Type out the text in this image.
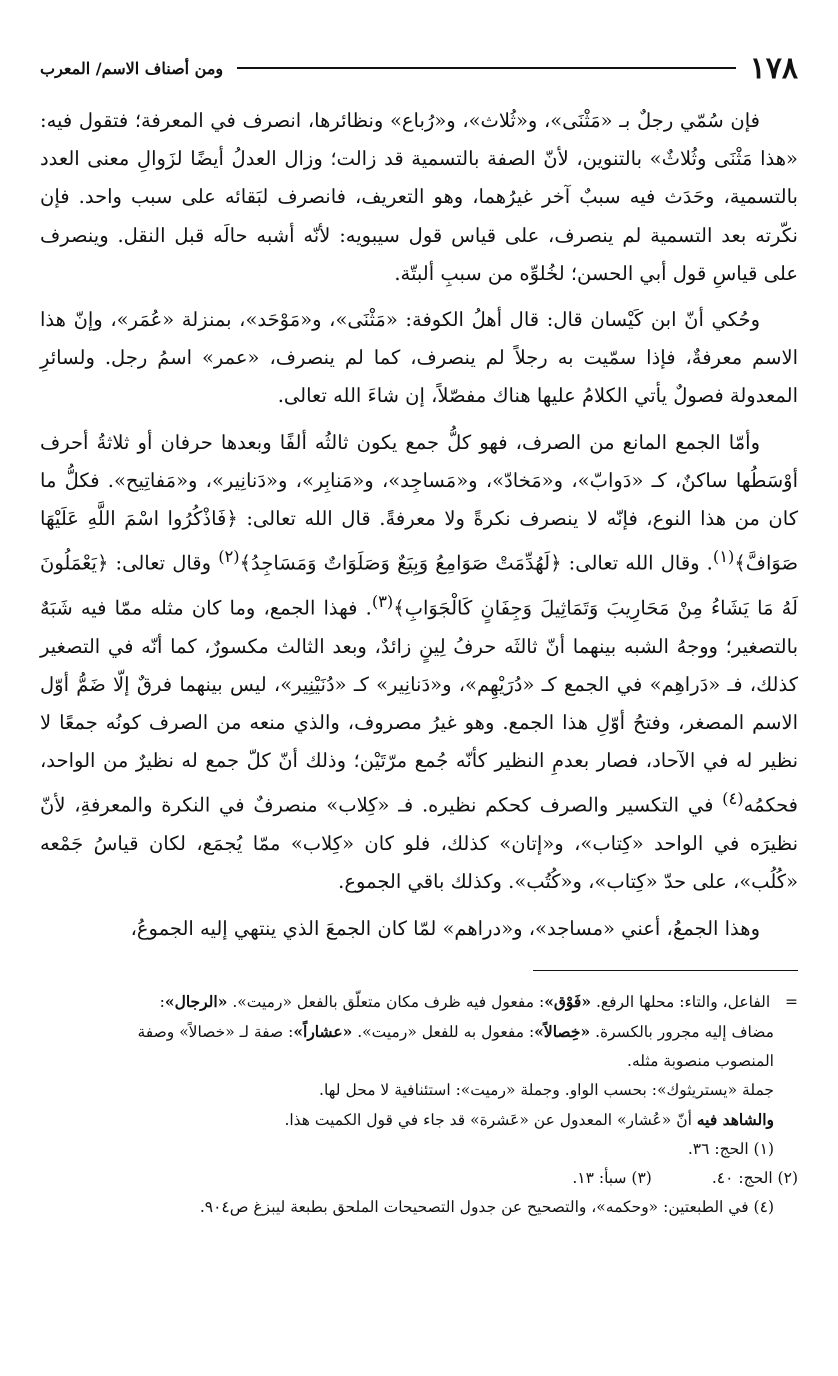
١٧٨
ومن أصناف الاسم/ المعرب

فإن سُمّي رجلٌ بـ «مَثْنَى»، و«ثُلاث»، و«رُباع» ونظائرها، انصرف في المعرفة؛ فتقول فيه: «هذا مَثْنَى وثُلاثٌ» بالتنوين، لأنّ الصفة بالتسمية قد زالت؛ وزال العدلُ أيضًا لزَوالِ معنى العدد بالتسمية، وحَدَث فيه سببٌ آخر غيرُهما، وهو التعريف، فانصرف لبَقائه على سبب واحد. فإن نكّرته بعد التسمية لم ينصرف، على قياس قول سيبويه: لأنّه أشبه حالَه قبل النقل. وينصرف على قياسِ قول أبي الحسن؛ لخُلوِّه من سببِ ألبتّة.

وحُكي أنّ ابن كَيْسان قال: قال أهلُ الكوفة: «مَثْنَى»، و«مَوْحَد»، بمنزلة «عُمَر»، وإنّ هذا الاسم معرفةٌ، فإذا سمّيت به رجلاً لم ينصرف، كما لم ينصرف، «عمر» اسمُ رجل. ولسائرِ المعدولة فصولٌ يأتي الكلامُ عليها هناك مفصّلاً، إن شاءَ الله تعالى.

وأمّا الجمع المانع من الصرف، فهو كلُّ جمع يكون ثالثُه ألفًا وبعدها حرفان أو ثلاثةُ أحرف أوْسَطُها ساكنٌ، كـ «دَوابّ»، و«مَخادّ»، و«مَساجِد»، و«مَنابِر»، و«دَنانِير»، و«مَفاتِيح». فكلُّ ما كان من هذا النوع، فإنّه لا ينصرف نكرةً ولا معرفةً. قال الله تعالى: ﴿فَاذْكُرُوا اسْمَ اللَّهِ عَلَيْهَا صَوَافَّ﴾$^{(١)}$. وقال الله تعالى: ﴿لَهُدِّمَتْ صَوَامِعُ وَبِيَعٌ وَصَلَوَاتٌ وَمَسَاجِدُ﴾$^{(٢)}$ وقال تعالى: ﴿يَعْمَلُونَ لَهُ مَا يَشَاءُ مِنْ مَحَارِيبَ وَتَمَاثِيلَ وَجِفَانٍ كَالْجَوَابِ﴾$^{(٣)}$. فهذا الجمع، وما كان مثله ممّا فيه شَبَهٌ بالتصغير؛ ووجهُ الشبه بينهما أنّ ثالثَه حرفُ لِينٍ زائدٌ، وبعد الثالث مكسورٌ، كما أنّه في التصغير كذلك، فـ «دَراهِم» في الجمع كـ «دُرَيْهِم»، و«دَنانِير» كـ «دُنَيْنِير»، ليس بينهما فرقٌ إلّا ضَمُّ أوّل الاسم المصغر، وفتحُ أوّلِ هذا الجمع. وهو غيرُ مصروف، والذي منعه من الصرف كونُه جمعًا لا نظير له في الآحاد، فصار بعدمِ النظير كأنّه جُمع مرّتَيْن؛ وذلك أنّ كلّ جمع له نظيرٌ من الواحد، فحكمُه$^{(٤)}$ في التكسير والصرف كحكم نظيره. فـ «كِلاب» منصرفٌ في النكرة والمعرفةِ، لأنّ نظيرَه في الواحد «كِتاب»، و«إتان» كذلك، فلو كان «كِلاب» ممّا يُجمَع، لكان قياسُ جَمْعه «كُلُب»، على حدّ «كِتاب»، و«كُتُب». وكذلك باقي الجموع.

وهذا الجمعُ، أعني «مساجد»، و«دراهم» لمّا كان الجمعَ الذي ينتهي إليه الجموعُ،

=   الفاعل، والتاء: محلها الرفع. «فَوْق»: مفعول فيه ظرف مكان متعلّق بالفعل «رميت». «الرجال»:
مضاف إليه مجرور بالكسرة. «خِصالاً»: مفعول به للفعل «رميت». «عشاراً»: صفة لـ «خصالاً» وصفة
المنصوب منصوبة مثله.
جملة «يستريثوك»: بحسب الواو. وجملة «رميت»: استئنافية لا محل لها.
والشاهد فيه أنّ «عُشار» المعدول عن «عَشرة» قد جاء في قول الكميت هذا.
(١) الحج: ٣٦.
(٢) الحج: ٤٠.
(٣) سبأ: ١٣.
(٤) في الطبعتين: «وحكمه»، والتصحيح عن جدول التصحيحات الملحق بطبعة ليبزغ ص٩٠٤.
